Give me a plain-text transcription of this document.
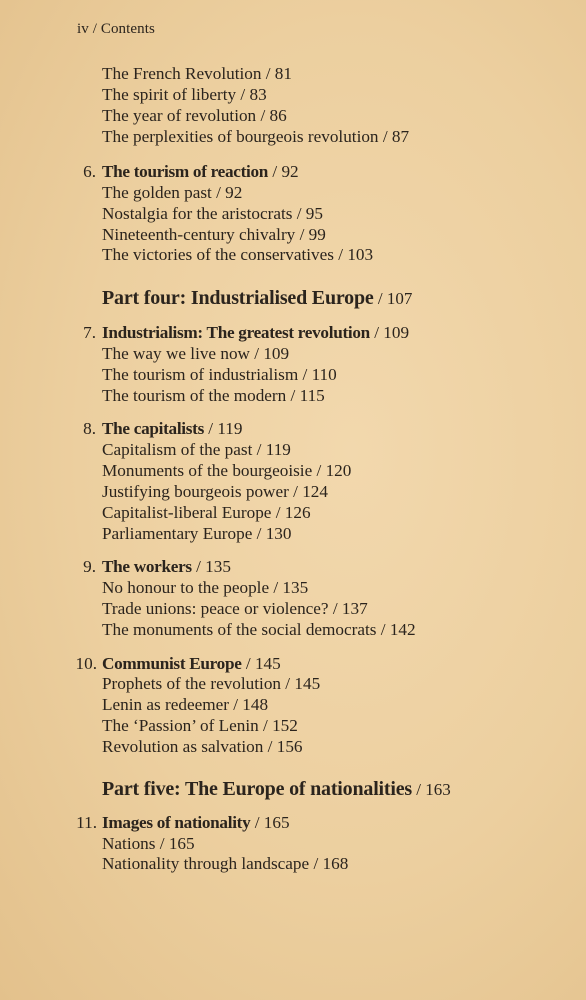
iv / Contents
The French Revolution / 81
The spirit of liberty / 83
The year of revolution / 86
The perplexities of bourgeois revolution / 87
6. The tourism of reaction / 92
The golden past / 92
Nostalgia for the aristocrats / 95
Nineteenth-century chivalry / 99
The victories of the conservatives / 103
Part four: Industrialised Europe / 107
7. Industrialism: The greatest revolution / 109
The way we live now / 109
The tourism of industrialism / 110
The tourism of the modern / 115
8. The capitalists / 119
Capitalism of the past / 119
Monuments of the bourgeoisie / 120
Justifying bourgeois power / 124
Capitalist-liberal Europe / 126
Parliamentary Europe / 130
9. The workers / 135
No honour to the people / 135
Trade unions: peace or violence? / 137
The monuments of the social democrats / 142
10. Communist Europe / 145
Prophets of the revolution / 145
Lenin as redeemer / 148
The ‘Passion’ of Lenin / 152
Revolution as salvation / 156
Part five: The Europe of nationalities / 163
11. Images of nationality / 165
Nations / 165
Nationality through landscape / 168
